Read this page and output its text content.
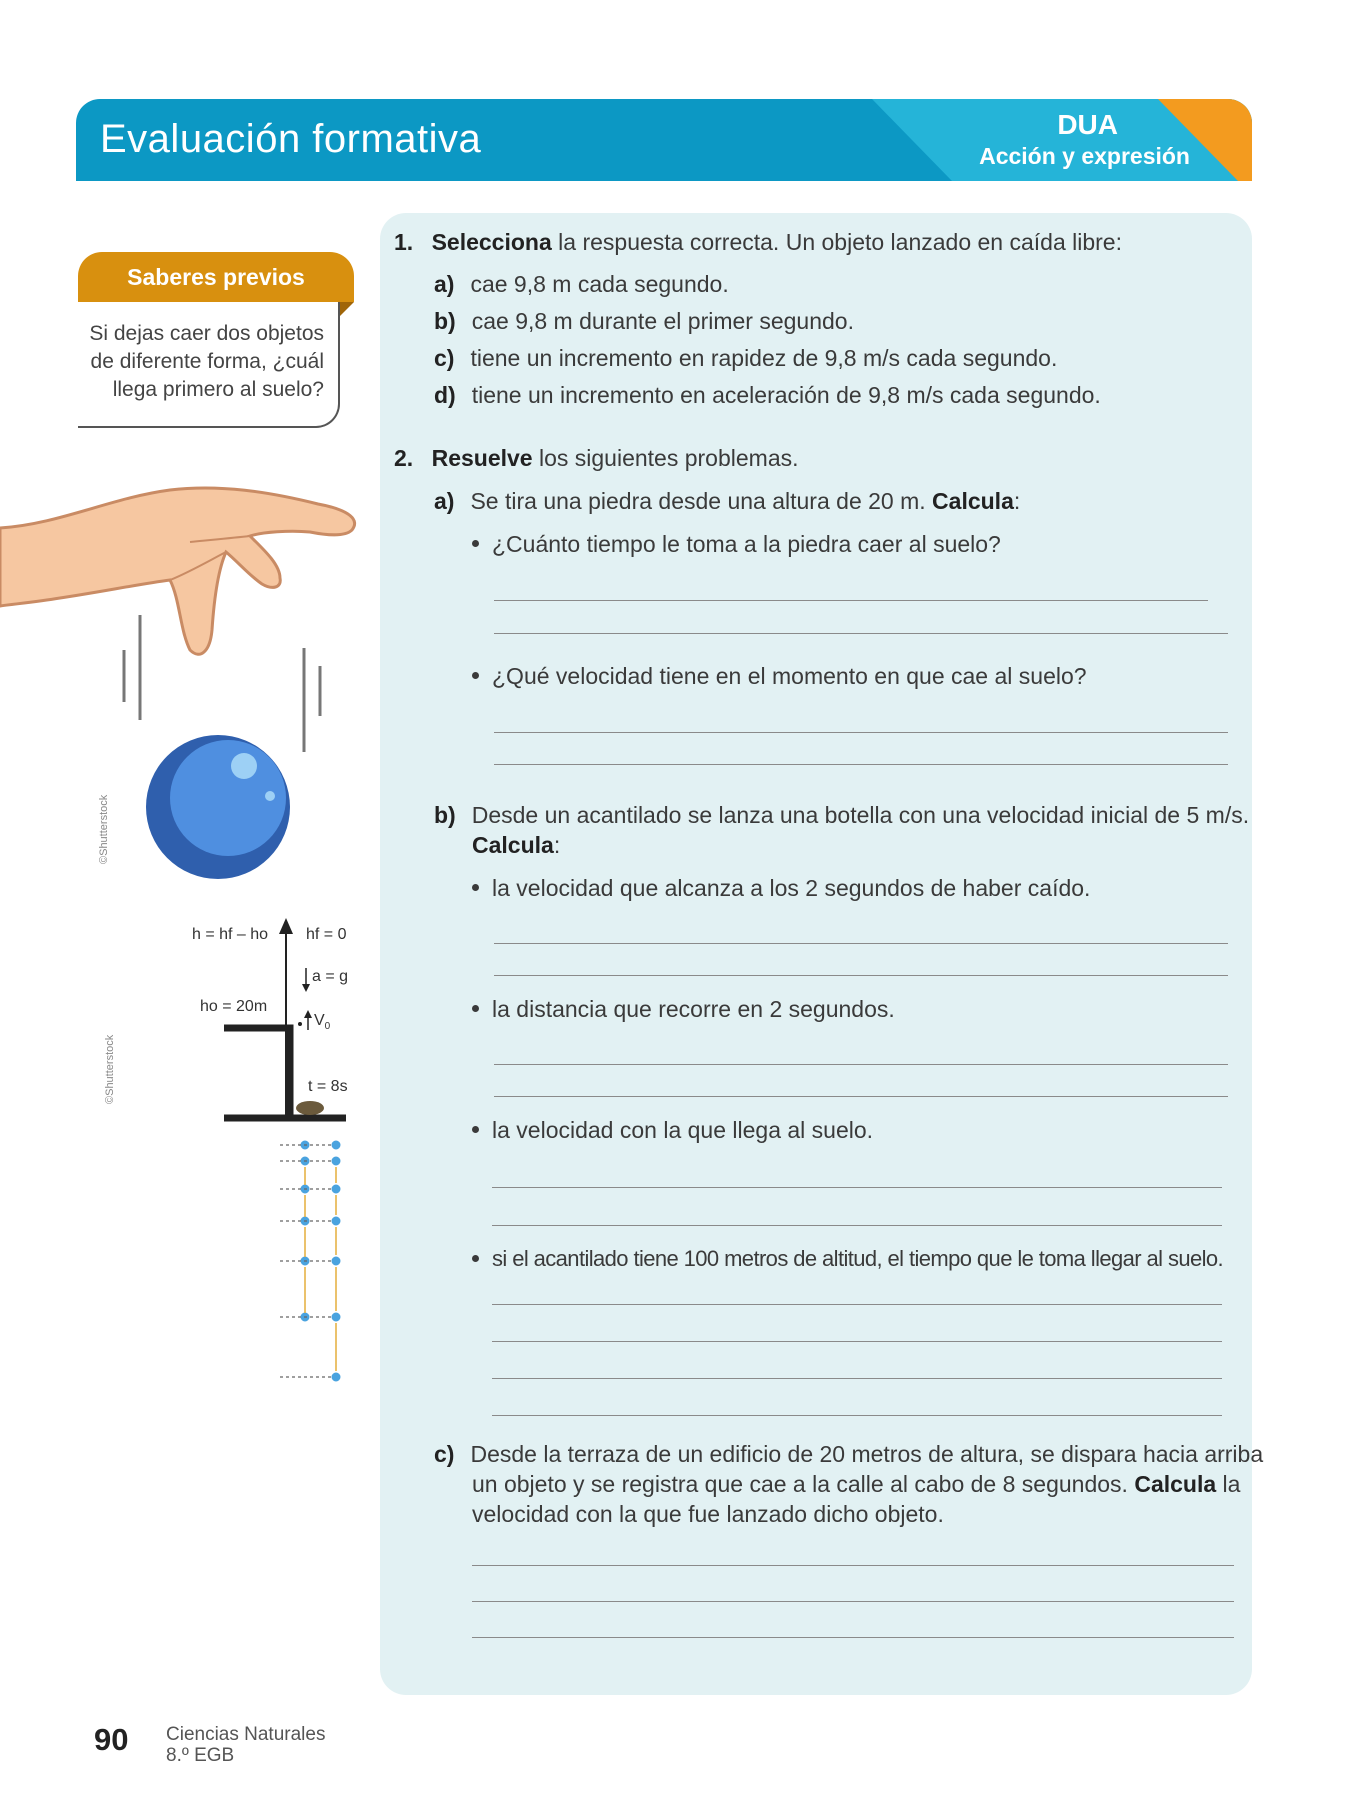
Evaluación formativa	DUA
Acción y expresión
Saberes previos
Si dejas caer dos objetos de diferente forma, ¿cuál llega primero al suelo?
©Shutterstock
h = hf – ho hf = 0
a = g
ho = 20m
$V_0$
t = 8s
©Shutterstock
1. Selecciona la respuesta correcta. Un objeto lanzado en caída libre:
a) cae 9,8 m cada segundo.
b) cae 9,8 m durante el primer segundo.
c) tiene un incremento en rapidez de 9,8 m/s cada segundo.
d) tiene un incremento en aceleración de 9,8 m/s cada segundo.
2. Resuelve los siguientes problemas.
a) Se tira una piedra desde una altura de 20 m. Calcula:
¿Cuánto tiempo le toma a la piedra caer al suelo?
¿Qué velocidad tiene en el momento en que cae al suelo?
b) Desde un acantilado se lanza una botella con una velocidad inicial de 5 m/s.
Calcula:
la velocidad que alcanza a los 2 segundos de haber caído.
la distancia que recorre en 2 segundos.
la velocidad con la que llega al suelo.
si el acantilado tiene 100 metros de altitud, el tiempo que le toma llegar al suelo.
c) Desde la terraza de un edificio de 20 metros de altura, se dispara hacia arriba
un objeto y se registra que cae a la calle al cabo de 8 segundos. Calcula la
velocidad con la que fue lanzado dicho objeto.
90 Ciencias Naturales
8.º EGB
